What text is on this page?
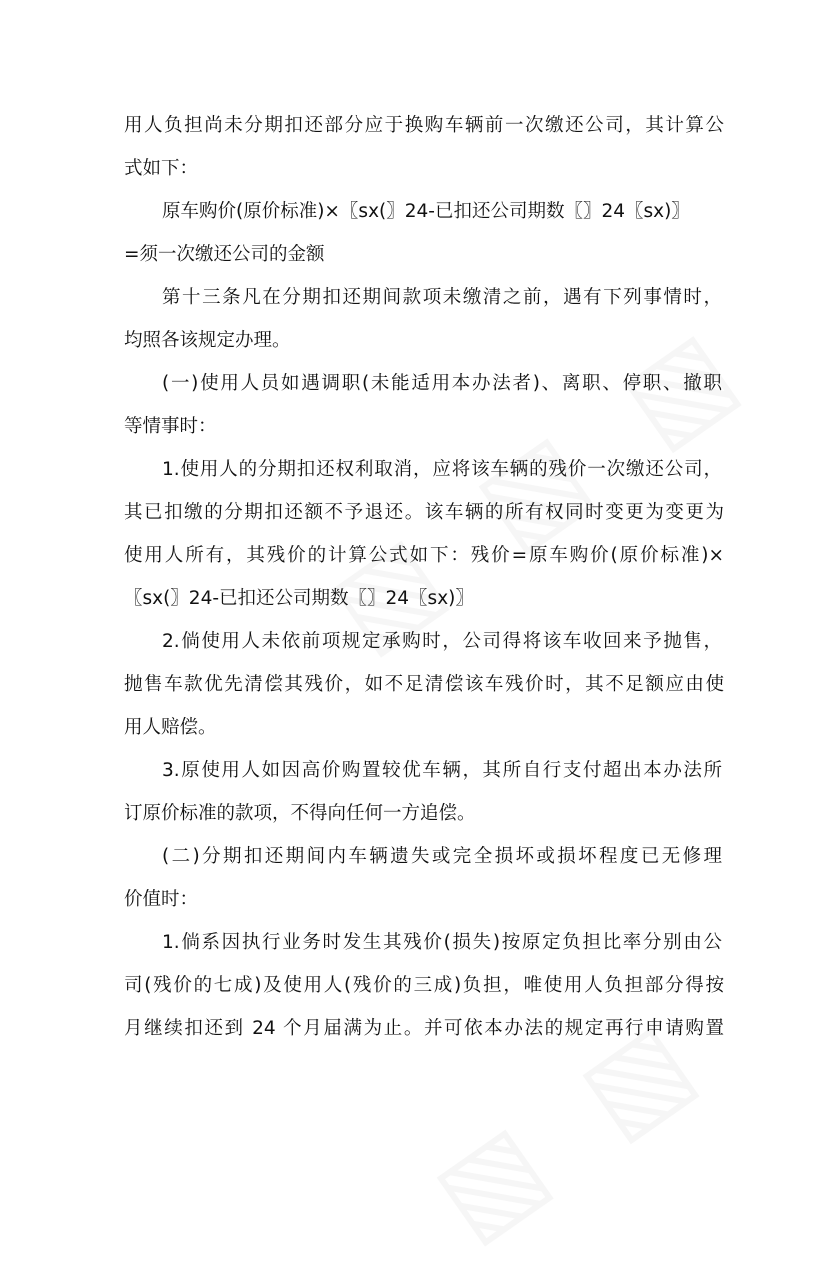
用人负担尚未分期扣还部分应于换购车辆前一次缴还公司，其计算公
式如下：
原车购价(原价标准)×〖sx(〗24-已扣还公司期数〖〗24〖sx)〗
=须一次缴还公司的金额
第十三条凡在分期扣还期间款项未缴清之前，遇有下列事情时，
均照各该规定办理。
(一)使用人员如遇调职(未能适用本办法者)、离职、停职、撤职
等情事时：
1.使用人的分期扣还权利取消，应将该车辆的残价一次缴还公司，
其已扣缴的分期扣还额不予退还。该车辆的所有权同时变更为变更为
使用人所有，其残价的计算公式如下：残价=原车购价(原价标准)×
〖sx(〗24-已扣还公司期数〖〗24〖sx)〗
2.倘使用人未依前项规定承购时，公司得将该车收回来予抛售，
抛售车款优先清偿其残价，如不足清偿该车残价时，其不足额应由使
用人赔偿。
3.原使用人如因高价购置较优车辆，其所自行支付超出本办法所
订原价标准的款项，不得向任何一方追偿。
(二)分期扣还期间内车辆遗失或完全损坏或损坏程度已无修理
价值时：
1.倘系因执行业务时发生其残价(损失)按原定负担比率分别由公
司(残价的七成)及使用人(残价的三成)负担，唯使用人负担部分得按
月继续扣还到 24 个月届满为止。并可依本办法的规定再行申请购置
